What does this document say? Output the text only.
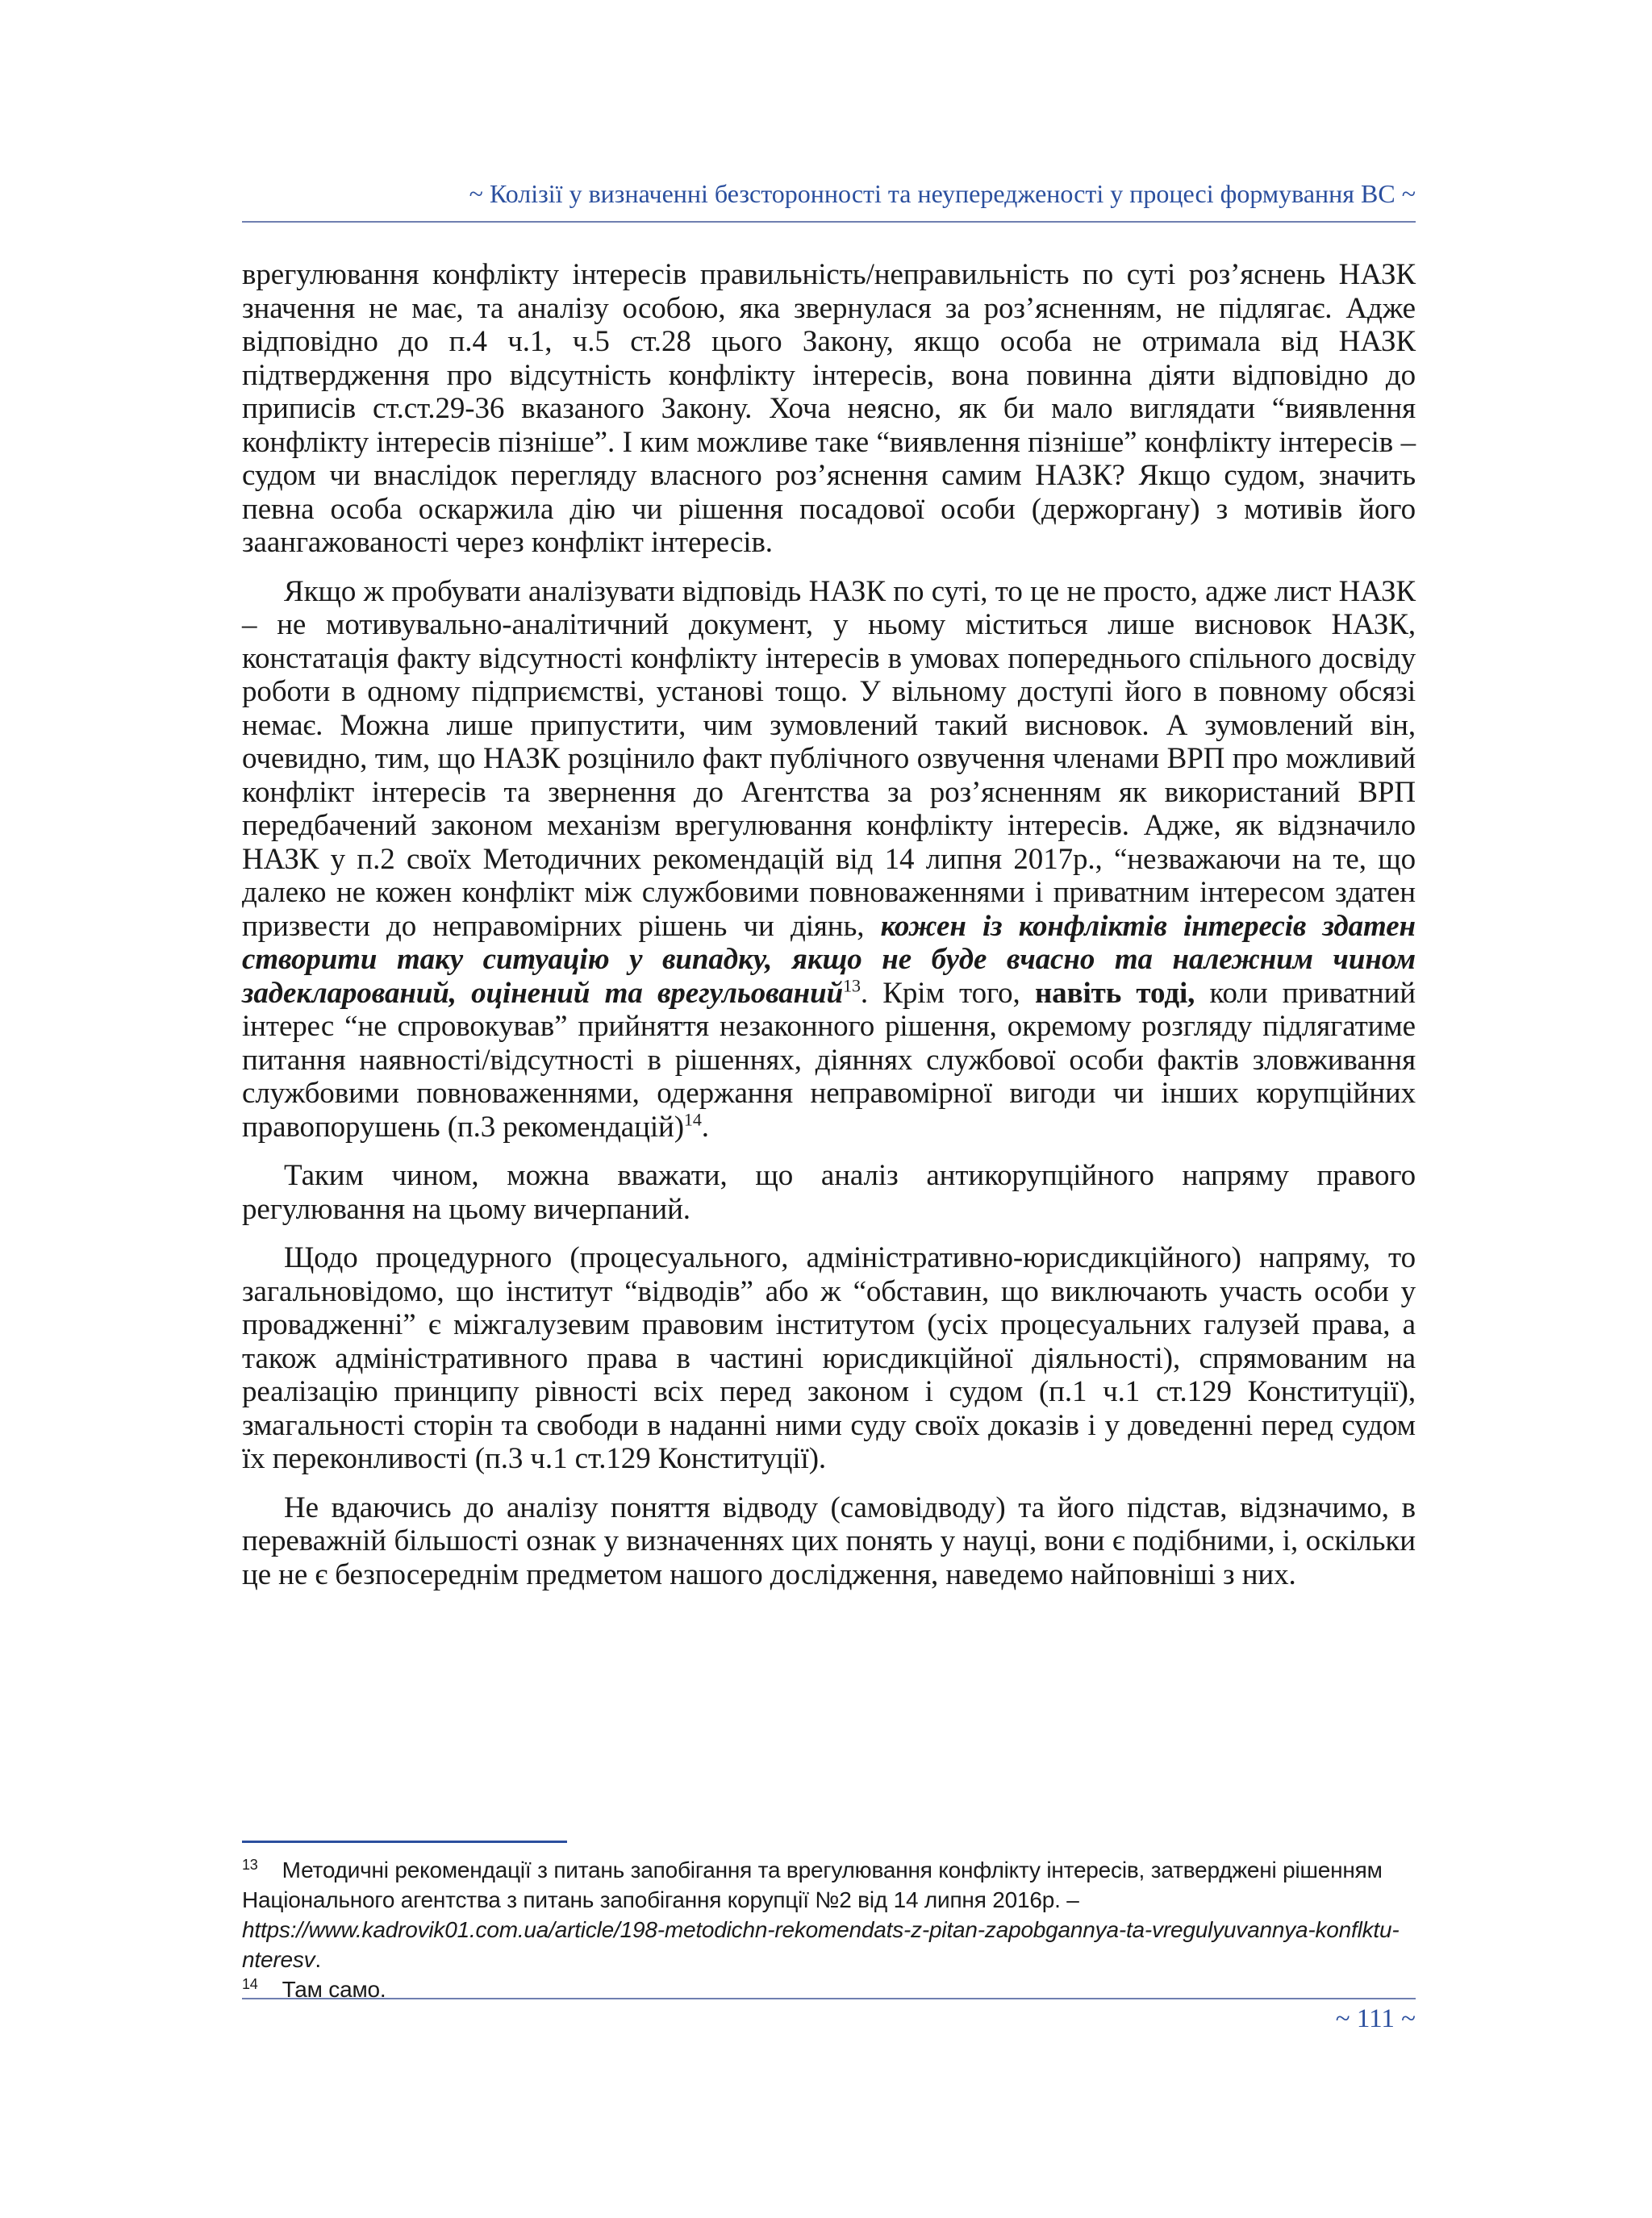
~ Колізії у визначенні безсторонності та неупередженості у процесі формування ВС ~

врегулювання конфлікту інтересів правильність/неправильність по суті роз’яснень НАЗК значення не має, та аналізу особою, яка звернулася за роз’ясненням, не підлягає. Адже відповідно до п.4 ч.1, ч.5 ст.28 цього Закону, якщо особа не отримала від НАЗК підтвердження про відсутність конфлікту інтересів, вона повинна діяти відповідно до приписів ст.ст.29-36 вказаного Закону. Хоча неясно, як би мало виглядати “виявлення конфлікту інтересів пізніше”. І ким можливе таке “виявлення пізніше” конфлікту інтересів – судом чи внаслідок перегляду власного роз’яснення самим НАЗК? Якщо судом, значить певна особа оскаржила дію чи рішення посадової особи (держоргану) з мотивів його заангажованості через конфлікт інтересів.

Якщо ж пробувати аналізувати відповідь НАЗК по суті, то це не просто, адже лист НАЗК – не мотивувально-аналітичний документ, у ньому міститься лише висновок НАЗК, констатація факту відсутності конфлікту інтересів в умовах попереднього спільного досвіду роботи в одному підприємстві, установі тощо. У вільному доступі його в повному обсязі немає. Можна лише припустити, чим зумовлений такий висновок. А зумовлений він, очевидно, тим, що НАЗК розцінило факт публічного озвучення членами ВРП про можливий конфлікт інтересів та звернення до Агентства за роз’ясненням як використаний ВРП передбачений законом механізм врегулювання конфлікту інтересів. Адже, як відзначило НАЗК у п.2 своїх Методичних рекомендацій від 14 липня 2017р., “незважаючи на те, що далеко не кожен конфлікт між службовими повноваженнями і приватним інтересом здатен призвести до неправомірних рішень чи діянь, кожен із конфліктів інтересів здатен створити таку ситуацію у випадку, якщо не буде вчасно та належним чином задекларований, оцінений та врегульований$^{13}$. Крім того, навіть тоді, коли приватний інтерес “не спровокував” прийняття незаконного рішення, окремому розгляду підлягатиме питання наявності/відсутності в рішеннях, діяннях службової особи фактів зловживання службовими повноваженнями, одержання неправомірної вигоди чи інших корупційних правопорушень (п.3 рекомендацій)$^{14}$.

Таким чином, можна вважати, що аналіз антикорупційного напряму правого регулювання на цьому вичерпаний.

Щодо процедурного (процесуального, адміністративно-юрисдикційного) напряму, то загальновідомо, що інститут “відводів” або ж “обставин, що виключають участь особи у провадженні” є міжгалузевим правовим інститутом (усіх процесуальних галузей права, а також адміністративного права в частині юрисдикційної діяльності), спрямованим на реалізацію принципу рівності всіх перед законом і судом (п.1 ч.1 ст.129 Конституції), змагальності сторін та свободи в наданні ними суду своїх доказів і у доведенні перед судом їх переконливості (п.3 ч.1 ст.129 Конституції).

Не вдаючись до аналізу поняття відводу (самовідводу) та його підстав, відзначимо, в переважній більшості ознак у визначеннях цих понять у науці, вони є подібними, і, оскільки це не є безпосереднім предметом нашого дослідження, наведемо найповніші з них.

$^{13}$ Методичні рекомендації з питань запобігання та врегулювання конфлікту інтересів, затверджені рішенням Національного агентства з питань запобігання корупції №2 від 14 липня 2016р. – https://www.kadrovik01.com.ua/article/198-metodichn-rekomendats-z-pitan-zapobgannya-ta-vregulyuvannya-konflktu-nteresv.

$^{14}$ Там само.

~ 111 ~
